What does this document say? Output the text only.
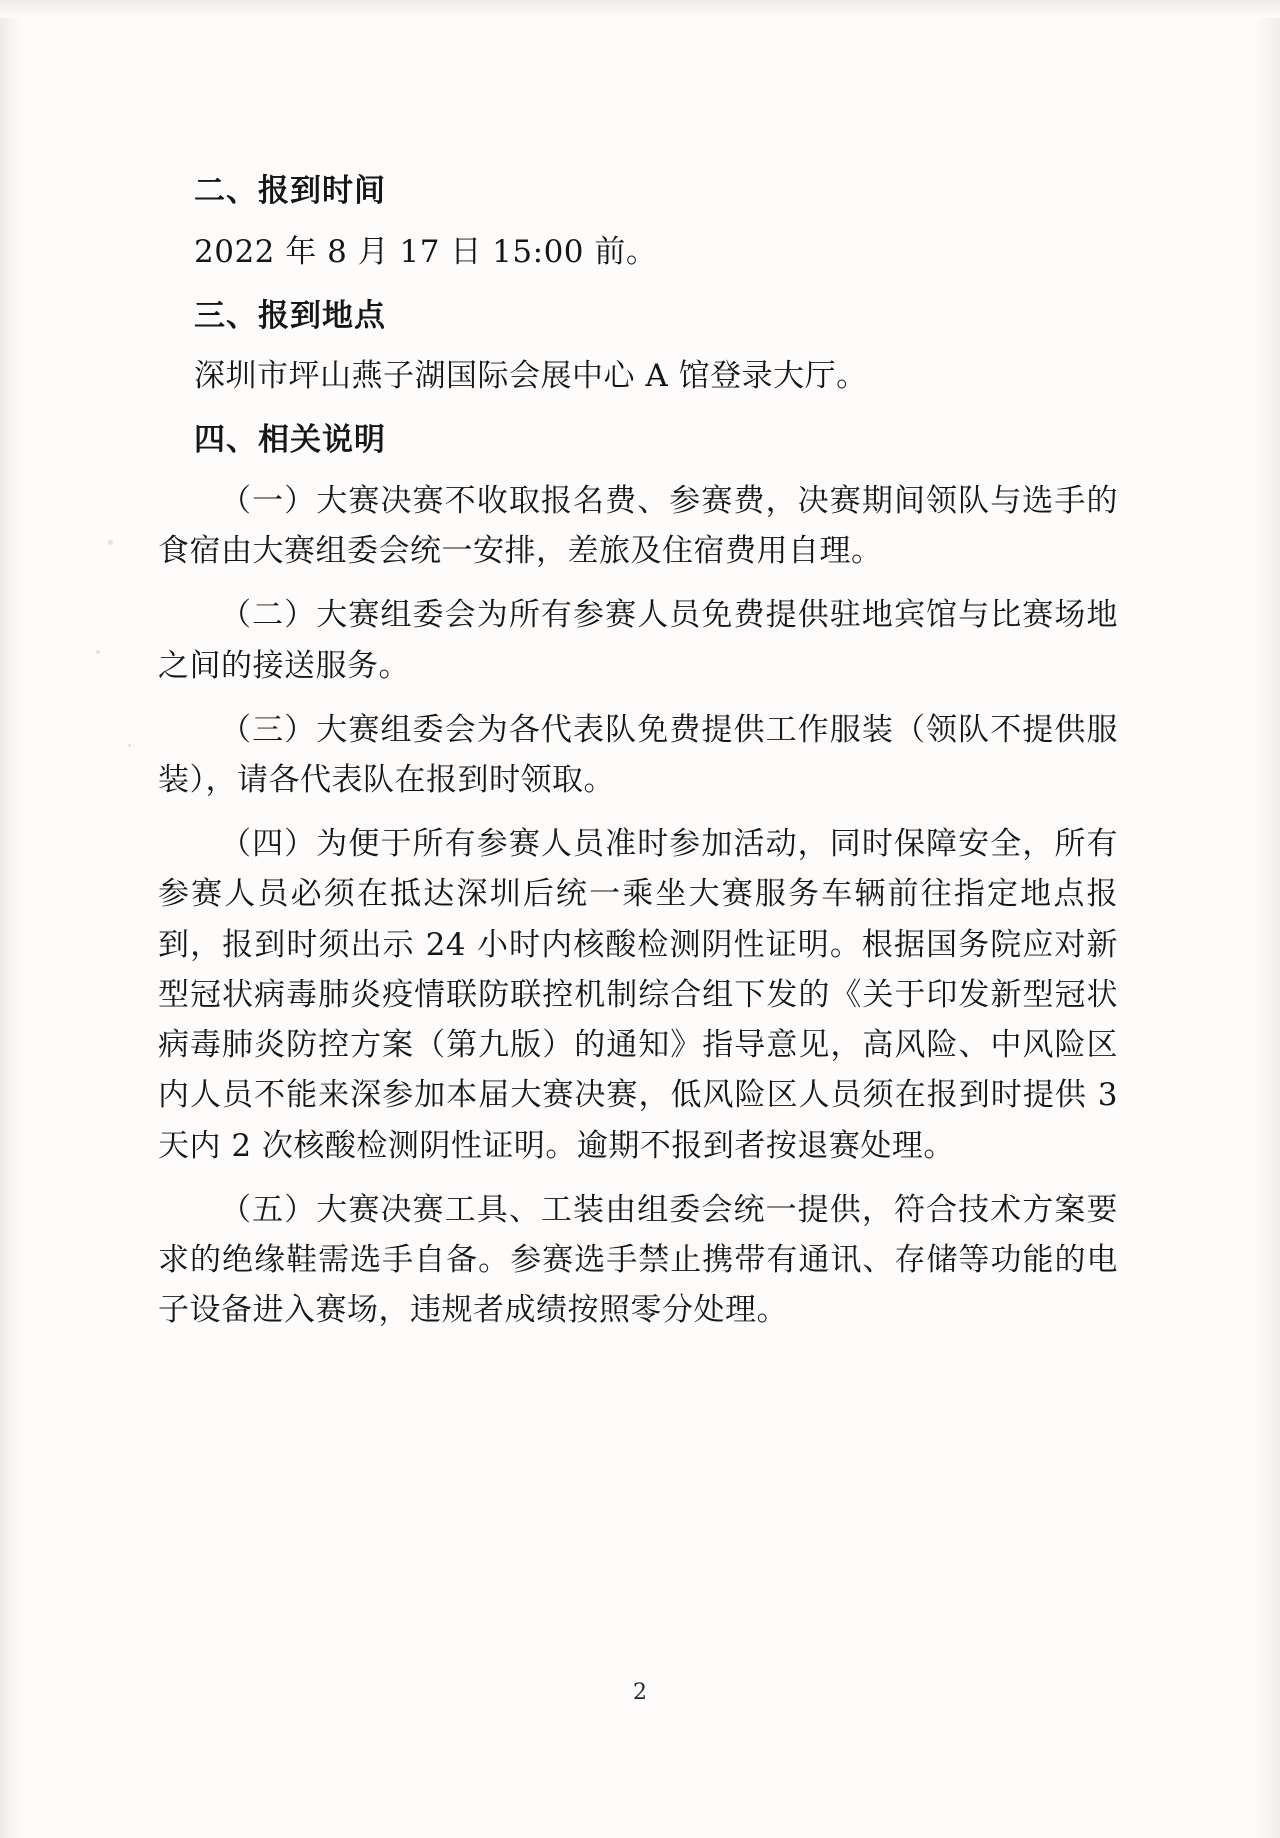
二、报到时间

2022 年 8 月 17 日 15:00 前。

三、报到地点

深圳市坪山燕子湖国际会展中心 A 馆登录大厅。

四、相关说明

（一）大赛决赛不收取报名费、参赛费，决赛期间领队与选手的食宿由大赛组委会统一安排，差旅及住宿费用自理。

（二）大赛组委会为所有参赛人员免费提供驻地宾馆与比赛场地之间的接送服务。

（三）大赛组委会为各代表队免费提供工作服装（领队不提供服装），请各代表队在报到时领取。

（四）为便于所有参赛人员准时参加活动，同时保障安全，所有参赛人员必须在抵达深圳后统一乘坐大赛服务车辆前往指定地点报到，报到时须出示 24 小时内核酸检测阴性证明。根据国务院应对新型冠状病毒肺炎疫情联防联控机制综合组下发的《关于印发新型冠状病毒肺炎防控方案（第九版）的通知》指导意见，高风险、中风险区内人员不能来深参加本届大赛决赛，低风险区人员须在报到时提供 3 天内 2 次核酸检测阴性证明。逾期不报到者按退赛处理。

（五）大赛决赛工具、工装由组委会统一提供，符合技术方案要求的绝缘鞋需选手自备。参赛选手禁止携带有通讯、存储等功能的电子设备进入赛场，违规者成绩按照零分处理。

2
